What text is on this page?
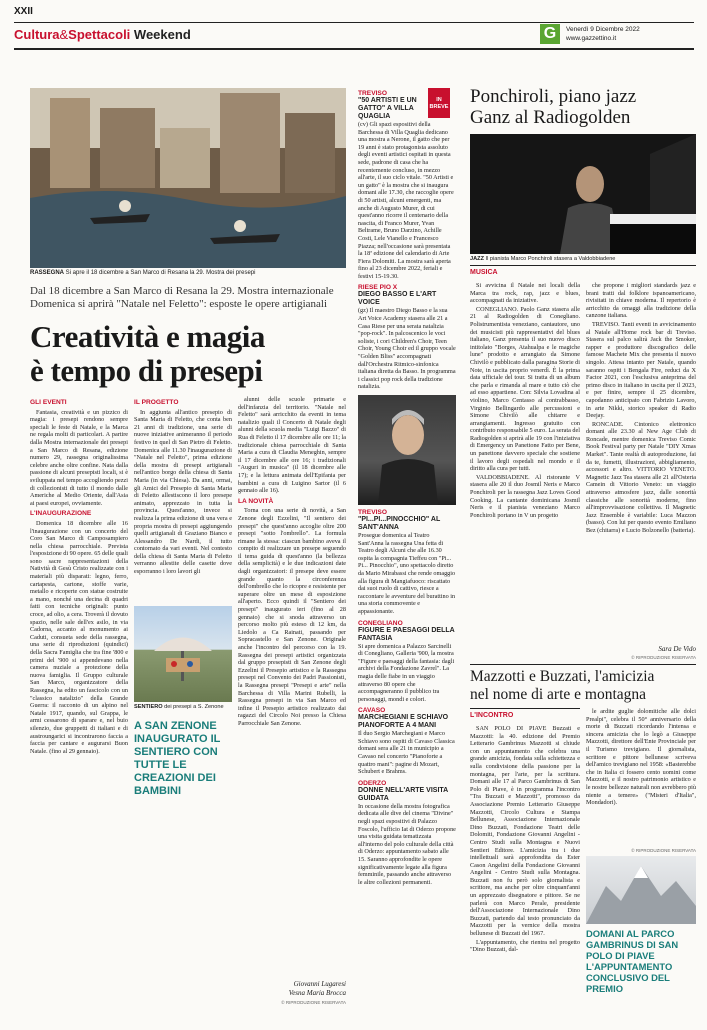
XXII
Cultura&Spettacoli Weekend	G	Venerdì 9 Dicembre 2022
www.gazzettino.it
RASSEGNA Si apre il 18 dicembre a San Marco di Resana la 29. Mostra dei presepi
Dal 18 dicembre a San Marco di Resana la 29. Mostra internazionale Domenica si aprirà "Natale nel Feletto": esposte le opere artigianali
Creatività e magia
è tempo di presepi
GLI EVENTI

Fantasia, creatività e un pizzico di magia: i presepi rendono sempre speciali le feste di Natale, e la Marca ne regala molti di particolari. A partire dalla Mostra internazionale dei presepi a San Marco di Resana, edizione numero 29, rassegna originalissima celebre anche oltre confine. Nata dalla passione di alcuni presepisti locali, si è sviluppata nel tempo accogliendo pezzi di collezionisti di tutto il mondo dalle Americhe al Medio Oriente, dall'Asia ai paesi europei, ovviamente.

L'INAUGURAZIONE

Domenica 18 dicembre alle 16 l'inaugurazione con un concerto del Coro San Marco di Camposampiero nella chiesa parrocchiale. Prevista l'esposizione di 90 opere. 65 delle quali sono sacre rappresentazioni della Natività di Gesù Cristo realizzate con i materiali più disparati: legno, ferro, cartapesta, cartone, stoffe varie, metallo e ricoperte con statue costruite a mano, nonché una decina di quadri fatti con tecniche originali: punto croce, ad olio, a cera. Troverà il dovuto spazio, nelle sale dell'ex asilo, in via Cadorna, accanto al monumento ai Caduti, consueta sede della rassegna, una serie di riproduzioni (quindici) della Sacra Famiglia che tra fine '800 e primi del '900 si appendevano nella camera nuziale a protezione della nuova famiglia. Il Gruppo culturale San Marco, organizzatore della Rassegna, ha edito un fascicolo con un "classico natalizio" della Grande Guerra: il racconto di un alpino nel Natale 1917, quando, sul Grappa, le armi cessarono di sparare e, nel buio silenzio, due gruppetti di italiani e di austroungarici si incontrarono faccia a faccia per cantare e augurarsi Buon Natale. (fino al 29 gennaio).

IL PROGETTO

In aggiunta all'antico presepio di Santa Maria di Feletto, che conta ben 21 anni di tradizione, una serie di nuove iniziative animeranno il periodo festivo in quel di San Pietro di Feletto. Domenica alle 11.30 l'inaugurazione di "Natale nel Feletto", prima edizione della mostra di presepi artigianali nell'antico borgo della chiesa di Santa Maria (in via Chiesa). Da anni, ormai, gli Amici del Presepio di Santa Maria di Feletto allestiscono il loro presepe animato, apprezzato in tutta la provincia. Quest'anno, invece si realizza la prima edizione di una vera e propria mostra di presepi aggiungendo quelli artigianali di Graziano Bianco e Alessandro De Nardi, il tutto contornato da vari eventi. Nel contesto della chiesa di Santa Maria di Feletto verranno allestite delle casette dove esporranno i loro lavori gli

SENTIERO dei presepi a S. Zenone
A SAN ZENONE INAUGURATO IL SENTIERO CON TUTTE LE CREAZIONI DEI BAMBINI

alunni delle scuole primarie e dell'infanzia del territorio. "Natale nel Feletto" sarà arricchito da eventi in tema natalizio quali il Concerto di Natale degli alunni della scuola media "Luigi Bazzo" di Rua di Feletto il 17 dicembre alle ore 11; la tradizionale chiesa parrocchiale di Santa Maria a cura di Claudia Meneghin, sempre il 17 dicembre alle ore 16; i tradizionali "Auguri in musica" (il 18 dicembre alle 17); e la lettura animata dell'Epifania per bambini a cura di Luigino Sartor (il 6 gennaio alle 16).

LA NOVITÀ

Torna con una serie di novità, a San Zenone degli Ezzelini, "Il sentiero dei presepi" che quest'anno accoglie oltre 200 presepi "sotto l'ombrello". La formula rimane la stessa: ciascun bambino aveva il compito di realizzare un presepe seguendo il tema guida di quest'anno (la bellezza della semplicità) e le due indicazioni date dagli organizzatori: il presepe deve essere grande quanto la circonferenza dell'ombrello che lo ricopre e resistente per superare oltre un mese di esposizione all'aperto. Ecco quindi il "Sentiero dei presepi" inaugurato ieri (fino al 28 gennaio) che si snoda attraverso un percorso molto più esteso di 12 km, da Liedolo a Ca Rainati, passando per Sopracastello e San Zenone. Originale anche l'incontro del percorso con la 19. Rassegna dei presepi artistici organizzata dal gruppo presepisti di San Zenone degli Ezzelini il Presepio artistico e la Rassegna presepi nel Convento dei Padri Passionisti, la Rassegna presepi "Presepi e arte" nella Barchessa di Villa Marini Rubelli, la Rassegna presepi in via San Marco ed infine il Presepio artistico realizzato dai ragazzi del Circolo Noi presso la Chiesa Parrocchiale San Zenone.

Giovanni Lugaresi
Vesna Maria Brocca
© RIPRODUZIONE RISERVATA
IN
BREVE
TREVISO
"50 ARTISTI E UN GATTO" A VILLA QUAGLIA
(cv) Gli spazi espositivi della Barchessa di Villa Quaglia dedicano una mostra a Nerone, il gatto che per 19 anni è stato protagonista assoluto degli eventi artistici ospitati in questa sede, padrone di casa che ha recentemente concluso, in mezzo all'arte, il suo ciclo vitale. "50 Artisti e un gatto" è la mostra che si inaugura domani alle 17.30, che raccoglie opere di 50 artisti, alcuni emergenti, ma anche di Augusto Murer, di cui quest'anno ricorre il centenario della nascita, di Franco Murer, Yvan Beltrame, Bruno Darzino, Achille Costi, Lele Vianello e Francesco Piazza; nell'occasione sarà presentata la 18ª edizione del calendario di Arte Fiera Dolomiti. La mostra sarà aperta fino al 23 dicembre 2022, feriali e festivi 15-19.30.
RIESE PIO X
DIEGO BASSO E L'ART VOICE
(gz) Il maestro Diego Basso e la sua Art Voice Academy stasera alle 21 a Casa Riese per una serata natalizia "pop-rock". In palcoscenico le voci soliste, i cori Children's Choir, Teen Choir, Young Choir ed il gruppo vocale "Golden Bliss" accompagnati dall'Orchestra Ritmico-sinfonica italiana diretta da Basso. In programma i classici pop rock della tradizione natalizia.
TREVISO
"PI...PI...PINOCCHIO" AL SANT'ANNA
Prosegue domenica al Teatro Sant'Anna la rassegna Una fetta di Teatro degli Alcuni che alle 16.30 ospita la compagnia Tieffeu con "Pi... Pi... Pinocchio", uno spettacolo diretto da Mario Mirabassi che rende omaggio alla figura di Mangiafuoco: riscattato dai suoi ruolo di cattivo, riesce a raccontare le avventure del burattino in una storia commovente e appassionante.
CONEGLIANO
FIGURE E PAESAGGI DELLA FANTASIA
Si apre domenica a Palazzo Sarcinelli di Conegliano, Galleria '900, la mostra "Figure e paesaggi della fantasia: dagli archivi della Fondazione Zavrel". La magia delle fiabe in un viaggio attraverso 80 opere che accompagneranno il pubblico tra personaggi, mondi e colori.
CAVASO
MARCHEGIANI E SCHIAVO PIANOFORTE A 4 MANI
Il duo Sergio Marchegiani e Marco Schiavo sono ospiti di Cavaso Classica domani sera alle 21 in municipio a Cavaso nel concerto "Pianoforte a quattro mani": pagine di Mozart, Schubert e Brahms.
ODERZO
DONNE NELL'ARTE VISITA GUIDATA
In occasione della mostra fotografica dedicata alle dive del cinema "Divine" negli spazi espositivi di Palazzo Foscolo, l'ufficio Iat di Oderzo propone una visita guidata tematizzata all'interno del polo culturale della città di Oderzo: appuntamento sabato alle 15. Saranno approfondite le opere significativamente legate alla figura femminile, passando anche attraverso le altre collezioni permanenti.
Ponchiroli, piano jazz
Ganz al Radiogolden
JAZZ Il pianista Marco Ponchiroli stasera a Valdobbiadene
MUSICA

Si avvicina il Natale nei locali della Marca tra rock, rap, jazz e blues, accompagnati da iniziative.

CONEGLIANO. Paolo Ganz stasera alle 21 al Radiogolden di Conegliano. Polistrumentista veneziano, cantautore, uno dei musicisti più rappresentativi del blues italiano, Ganz presenta il suo nuovo disco intitolato "Borges, Atahualpa e le magiche lune" prodotto e arrangiato da Simone Chivilò e pubblicato dalla paragina Storie di Note, in uscita proprio venerdì. È la prima data ufficiale del tour. Si tratta di un album che parla e rimanda al mare e tutto ciò che ad esso appartiene. Con: Silvia Lovadina al violino, Marco Centasso al contrabbasso, Virginio Bellingardo alle percussioni e Simone Chivilò alle chitarre e arrangiamenti. Ingresso gratuito con contributo responsabile 5 euro. La serata del Radiogolden si aprirà alle 19 con l'iniziativa di Emergency un Panettone Fatto per Bene, un panettone davvero speciale che sostiene il lavoro degli ospedali nel mondo e il diritto alla cura per tutti.

VALDOBBIADENE. Al ristorante V stasera alle 20 il duo Josmil Neris e Marco Ponchiroli per la rassegna Jazz Loves Good Cooking. La cantante dominicana Josmil Neris e il pianista veneziano Marco Ponchiroli portano in V un progetto

che propone i migliori standards jazz e brani tratti dal folklore ispanoamericano, rivisitati in chiave moderna. Il repertorio è arricchito da omaggi alla tradizione della canzone italiana.

TREVISO. Tanti eventi in avvicinamento al Natale all'Home rock bar di Treviso. Stasera sul palco salirà Jack the Smoker, rapper e produttore discografico delle famose Machete Mix che presenta il nuovo singolo. Attesa intanto per Natale, quando saranno ospiti i Bengala Fire, reduci da X Factor 2021, con l'esclusiva anteprima del primo disco in italiano in uscita per il 2023, e per finire, sempre il 25 dicembre, capodanno anticipato con Fabrizio Lavoro, in arte Nikki, storico speaker di Radio Deejay.

RONCADE. Cintonico elettronico domani alle 23.30 al New Age Club di Roncade, mentre domenica Treviso Comic Book Festival party per Natale "DIY Xmas Market". Tante realtà di autoproduzione, fai da te, fumetti, illustrazioni, abbigliamento, accessori e altro. VITTORIO VENETO. Magnetic Jazz Tea stasera alle 21 all'Osteria Camein di Vittorio Veneto: un viaggio attraverso atmosfere jazz, dalle sonorità classiche alle sonorità moderne, fino all'improvvisazione collettiva. Il Magnetic Jazz Ensemble è variabile: Luca Mazzon (basso). Con lui per questo evento Emiliano Bez (chitarra) e Lucio Bolzonello (batteria).

Sara De Vido
© RIPRODUZIONE RISERVATA
Mazzotti e Buzzati, l'amicizia
nel nome di arte e montagna
L'INCONTRO

SAN POLO DI PIAVE Buzzati e Mazzotti: la 40. edizione del Premio Letterario Gambrinus Mazzotti si chiude con un appuntamento che celebra una grande amicizia, fondata sulla schiettezza e sulla condivisione della passione per la montagna, per l'arte, per la scrittura. Domani alle 17 al Parco Gambrinus di San Polo di Piave, è in programma l'incontro "Tra Buzzati e Mazzotti", promosso da Associazione Premio Letterario Giuseppe Mazzotti, Circolo Cultura e Stampa Bellunese, Associazione Internazionale Dino Buzzati, Fondazione Teatri delle Dolomiti, Fondazione Giovanni Angelini - Centro Studi sulla Montagna e Nuovi Sentieri Editore. L'amicizia tra i due intellettuali sarà approfondita da Ester Cason Angelini della Fondazione Giovanni Angelini - Centro Studi sulla Montagna. Buzzati non fu però solo giornalista e scrittore, ma anche per oltre cinquant'anni un apprezzato disegnatore e pittore. Se ne parlerà con Marco Perale, presidente dell'Associazione Internazionale Dino Buzzati, partendo dal testo pronunciato da Mazzotti per la vernice della mostra bellunese di Buzzati del 1967.

L'appuntamento, che rientra nel progetto "Dino Buzzati, dal-

le ardite guglie dolomitiche alle dolci Prealpi", celebra il 50° anniversario della morte di Buzzati ricordando l'intensa e sincera amicizia che lo legò a Giuseppe Mazzotti, direttore dell'Ente Provinciale per il Turismo trevigiano. Il giornalista, scrittore e pittore bellunese scriveva dell'amico trevigiano nel 1958: «Basterebbe che in Italia ci fossero cento uomini come Mazzotti, e il nostro patrimonio artistico e le nostre bellezze naturali non avrebbero più niente a temere» ("Misteri d'Italia", Mondadori).

© RIPRODUZIONE RISERVATA
DOMANI AL PARCO GAMBRINUS DI SAN POLO DI PIAVE L'APPUNTAMENTO CONCLUSIVO DEL PREMIO
